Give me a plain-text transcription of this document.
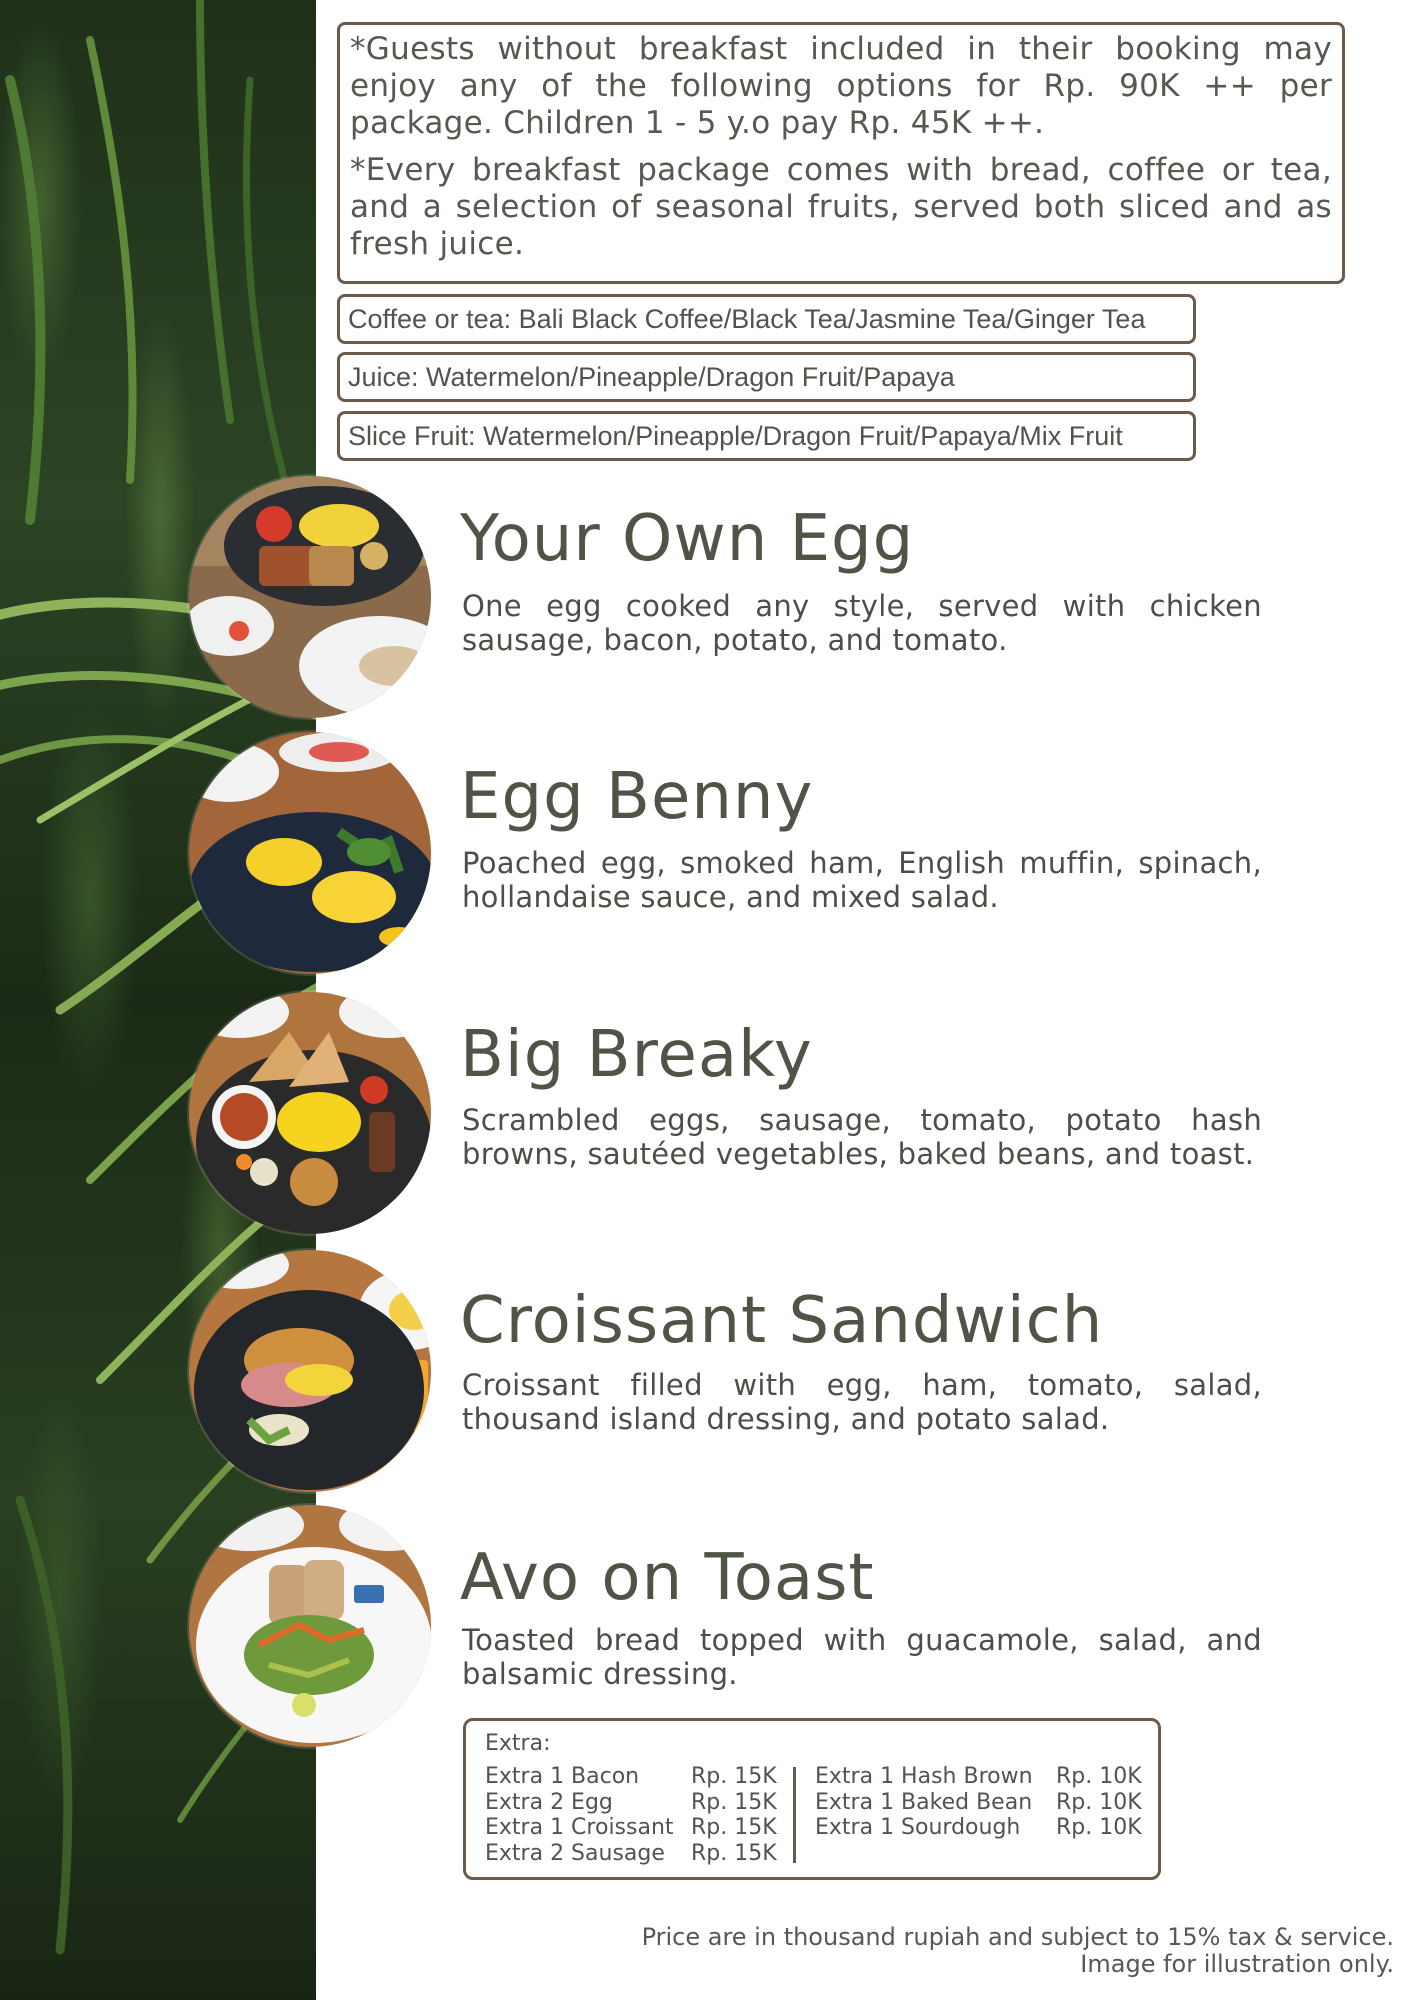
*Guests without breakfast included in their booking may enjoy any of the following options for Rp. 90K ++ per package. Children 1 - 5 y.o pay Rp. 45K ++.

*Every breakfast package comes with bread, coffee or tea, and a selection of seasonal fruits, served both sliced and as fresh juice.

Coffee or tea: Bali Black Coffee/Black Tea/Jasmine Tea/Ginger Tea
Juice: Watermelon/Pineapple/Dragon Fruit/Papaya
Slice Fruit: Watermelon/Pineapple/Dragon Fruit/Papaya/Mix Fruit
Your Own Egg

One egg cooked any style, served with chicken sausage, bacon, potato, and tomato.

Egg Benny

Poached egg, smoked ham, English muffin, spinach, hollandaise sauce, and mixed salad.

Big Breaky

Scrambled eggs, sausage, tomato, potato hash browns, sautéed vegetables, baked beans, and toast.

Croissant Sandwich

Croissant filled with egg, ham, tomato, salad, thousand island dressing, and potato salad.

Avo on Toast

Toasted bread topped with guacamole, salad, and balsamic dressing.

Extra:
Extra 1 Bacon Rp. 15K
Extra 2 Egg	Rp. 15K
Extra 1 Croissant Rp. 15K
Extra 2 Sausage Rp. 15K
Extra 1 Hash Brown Rp. 10K
Extra 1 Baked Bean Rp. 10K
Extra 1 Sourdough Rp. 10K
Price are in thousand rupiah and subject to 15% tax & service.
Image for illustration only.
